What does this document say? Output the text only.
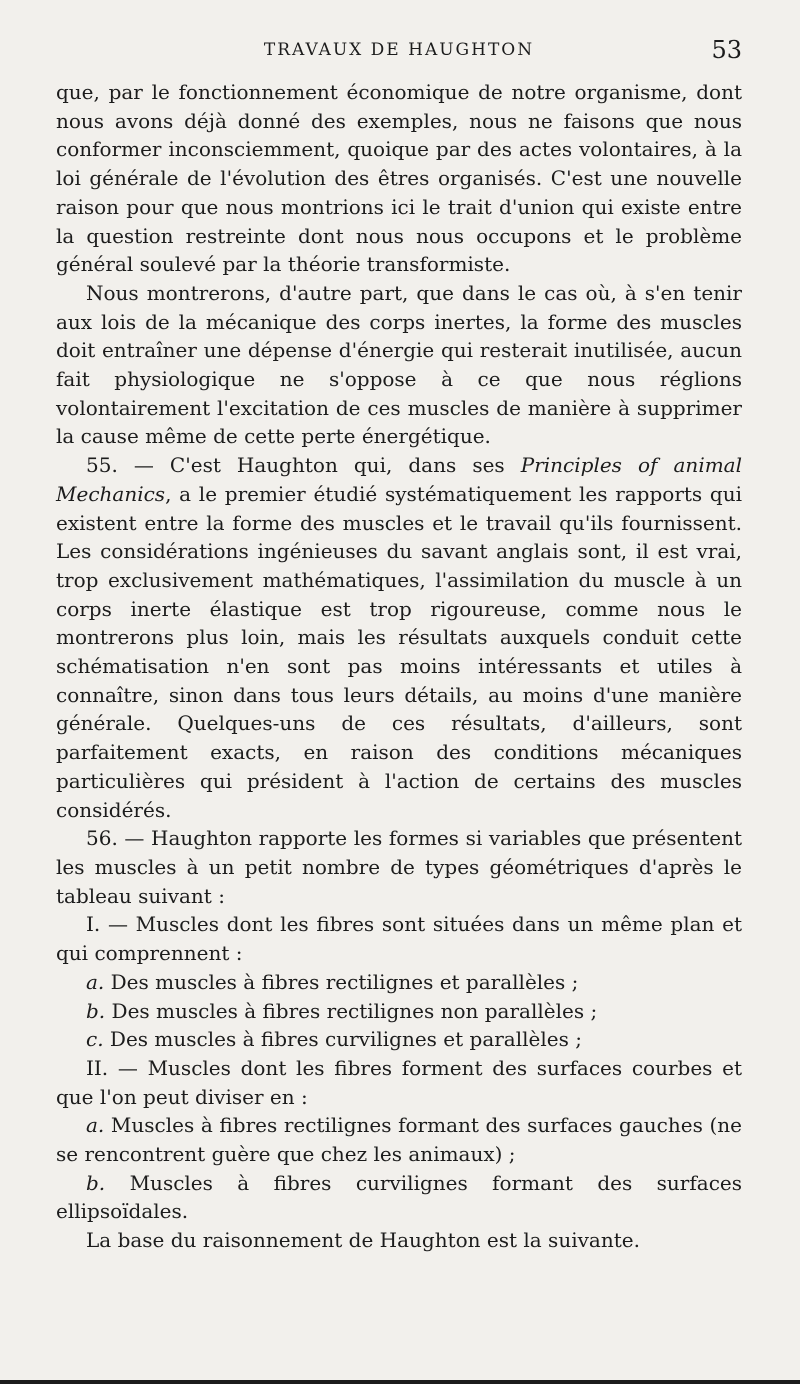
TRAVAUX DE HAUGHTON	53

que, par le fonctionnement économique de notre organisme, dont nous avons déjà donné des exemples, nous ne faisons que nous conformer inconsciemment, quoique par des actes volontaires, à la loi générale de l'évolution des êtres organisés. C'est une nouvelle raison pour que nous montrions ici le trait d'union qui existe entre la question restreinte dont nous nous occupons et le problème général soulevé par la théorie transformiste.

Nous montrerons, d'autre part, que dans le cas où, à s'en tenir aux lois de la mécanique des corps inertes, la forme des muscles doit entraîner une dépense d'énergie qui resterait inutilisée, aucun fait physiologique ne s'oppose à ce que nous réglions volontairement l'excitation de ces muscles de manière à supprimer la cause même de cette perte énergétique.

55. — C'est Haughton qui, dans ses Principles of animal Mechanics, a le premier étudié systématiquement les rapports qui existent entre la forme des muscles et le travail qu'ils fournissent. Les considérations ingénieuses du savant anglais sont, il est vrai, trop exclusivement mathématiques, l'assimilation du muscle à un corps inerte élastique est trop rigoureuse, comme nous le montrerons plus loin, mais les résultats auxquels conduit cette schématisation n'en sont pas moins intéressants et utiles à connaître, sinon dans tous leurs détails, au moins d'une manière générale. Quelques-uns de ces résultats, d'ailleurs, sont parfaitement exacts, en raison des conditions mécaniques particulières qui président à l'action de certains des muscles considérés.

56. — Haughton rapporte les formes si variables que présentent les muscles à un petit nombre de types géométriques d'après le tableau suivant :

I. — Muscles dont les fibres sont situées dans un même plan et qui comprennent :

a. Des muscles à fibres rectilignes et parallèles ;

b. Des muscles à fibres rectilignes non parallèles ;

c. Des muscles à fibres curvilignes et parallèles ;

II. — Muscles dont les fibres forment des surfaces courbes et que l'on peut diviser en :

a. Muscles à fibres rectilignes formant des surfaces gauches (ne se rencontrent guère que chez les animaux) ;

b. Muscles à fibres curvilignes formant des surfaces ellipsoïdales.

La base du raisonnement de Haughton est la suivante.
